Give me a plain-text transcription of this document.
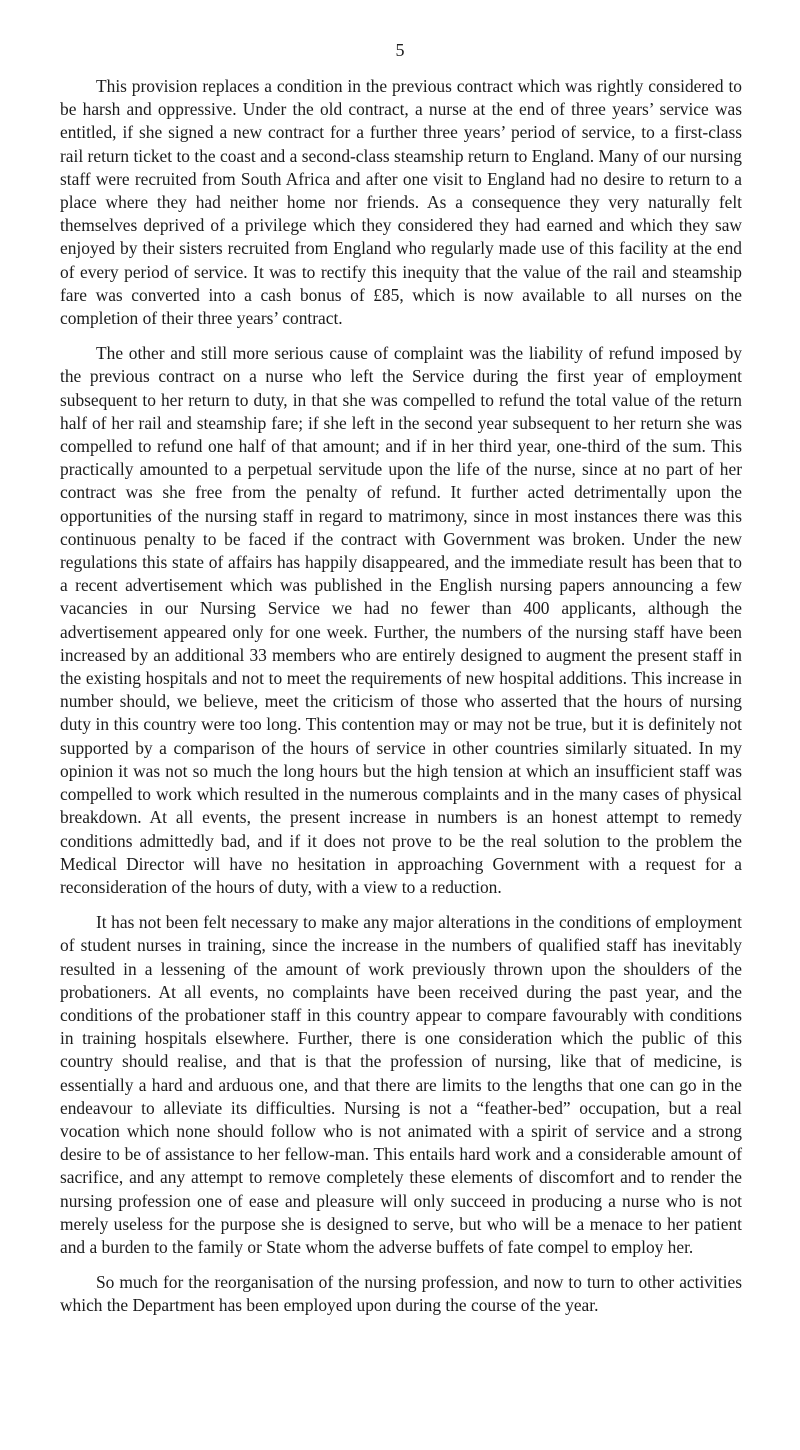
5

This provision replaces a condition in the previous contract which was rightly considered to be harsh and oppressive. Under the old contract, a nurse at the end of three years’ service was entitled, if she signed a new contract for a further three years’ period of service, to a first-class rail return ticket to the coast and a second-class steamship return to England. Many of our nursing staff were recruited from South Africa and after one visit to England had no desire to return to a place where they had neither home nor friends. As a consequence they very naturally felt themselves deprived of a privilege which they considered they had earned and which they saw enjoyed by their sisters recruited from England who regularly made use of this facility at the end of every period of service. It was to rectify this inequity that the value of the rail and steamship fare was converted into a cash bonus of £85, which is now available to all nurses on the completion of their three years’ contract.

The other and still more serious cause of complaint was the liability of refund imposed by the previous contract on a nurse who left the Service during the first year of employment subsequent to her return to duty, in that she was compelled to refund the total value of the return half of her rail and steamship fare; if she left in the second year subsequent to her return she was compelled to refund one half of that amount; and if in her third year, one-third of the sum. This practically amounted to a perpetual servitude upon the life of the nurse, since at no part of her contract was she free from the penalty of refund. It further acted detrimentally upon the opportunities of the nursing staff in regard to matrimony, since in most instances there was this continuous penalty to be faced if the contract with Government was broken. Under the new regulations this state of affairs has happily disappeared, and the immediate result has been that to a recent advertisement which was published in the English nursing papers announcing a few vacancies in our Nursing Service we had no fewer than 400 applicants, although the advertisement appeared only for one week. Further, the numbers of the nursing staff have been increased by an additional 33 members who are entirely designed to augment the present staff in the existing hospitals and not to meet the requirements of new hospital additions. This increase in number should, we believe, meet the criticism of those who asserted that the hours of nursing duty in this country were too long. This contention may or may not be true, but it is definitely not supported by a comparison of the hours of service in other countries similarly situated. In my opinion it was not so much the long hours but the high tension at which an insufficient staff was compelled to work which resulted in the numerous complaints and in the many cases of physical breakdown. At all events, the present increase in numbers is an honest attempt to remedy conditions admittedly bad, and if it does not prove to be the real solution to the problem the Medical Director will have no hesitation in approaching Government with a request for a reconsideration of the hours of duty, with a view to a reduction.

It has not been felt necessary to make any major alterations in the conditions of employment of student nurses in training, since the increase in the numbers of qualified staff has inevitably resulted in a lessening of the amount of work previously thrown upon the shoulders of the probationers. At all events, no complaints have been received during the past year, and the conditions of the probationer staff in this country appear to compare favourably with conditions in training hospitals elsewhere. Further, there is one consideration which the public of this country should realise, and that is that the profession of nursing, like that of medicine, is essentially a hard and arduous one, and that there are limits to the lengths that one can go in the endeavour to alleviate its difficulties. Nursing is not a “feather-bed” occupation, but a real vocation which none should follow who is not animated with a spirit of service and a strong desire to be of assistance to her fellow-man. This entails hard work and a considerable amount of sacrifice, and any attempt to remove completely these elements of discomfort and to render the nursing profession one of ease and pleasure will only succeed in producing a nurse who is not merely useless for the purpose she is designed to serve, but who will be a menace to her patient and a burden to the family or State whom the adverse buffets of fate compel to employ her.

So much for the reorganisation of the nursing profession, and now to turn to other activities which the Department has been employed upon during the course of the year.
